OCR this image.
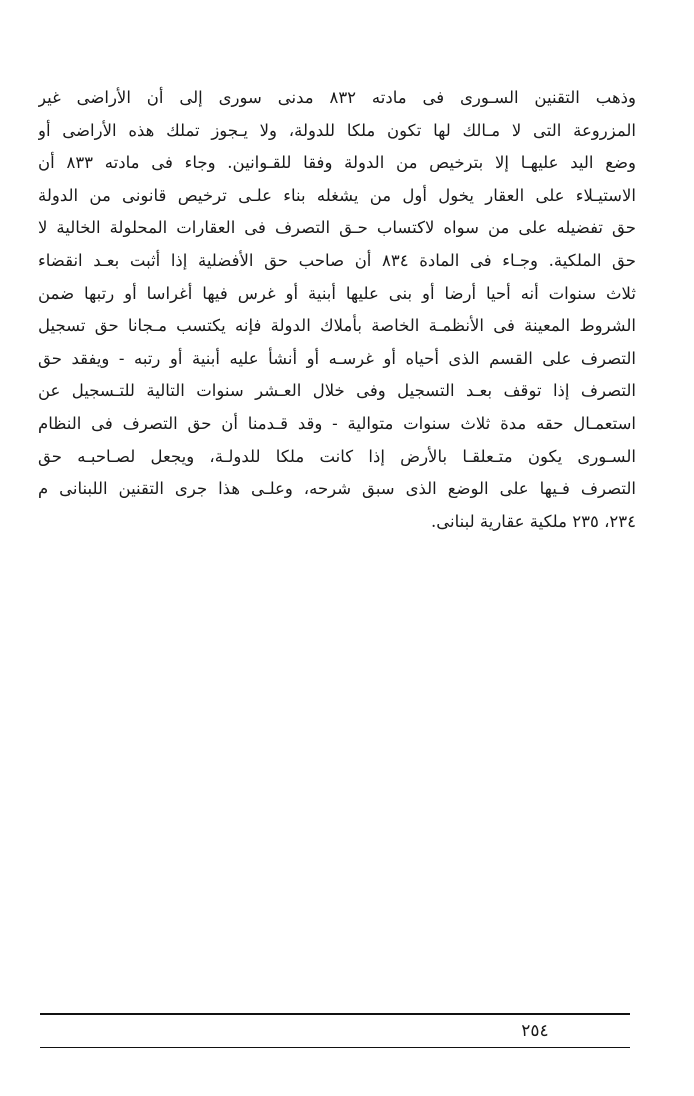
وذهب التقنين السـورى فى مادته ٨٣٢ مدنى سورى إلى أن الأراضى غير
المزروعة التى لا مـالك لها تكون ملكا للدولة، ولا يـجوز تملك هذه الأراضى أو
وضع اليد عليهـا إلا بترخيص من الدولة وفقا للقـوانين. وجاء فى مادته ٨٣٣ أن
الاستيـلاء على العقار يخول أول من يشغله بناء علـى ترخيص قانونى من الدولة
حق تفضيله على من سواه لاكتساب حـق التصرف فى العقارات المحلولة الخالية لا
حق الملكية. وجـاء فى المادة ٨٣٤ أن صاحب حق الأفضلية إذا أثبت بعـد انقضاء
ثلاث سنوات أنه أحيا أرضا أو بنى عليها أبنية أو غرس فيها أغراسا أو رتبها ضمن
الشروط المعينة فى الأنظمـة الخاصة بأملاك الدولة فإنه يكتسب مـجانا حق تسجيل
التصرف على القسم الذى أحياه أو غرسـه أو أنشأ عليه أبنية أو رتبه - ويفقد حق
التصرف إذا توقف بعـد التسجيل وفى خلال العـشر سنوات التالية للتـسجيل عن
استعمـال حقه مدة ثلاث سنوات متوالية - وقد قـدمنا أن حق التصرف فى النظام
السـورى يكون متـعلقـا بالأرض إذا كانت ملكا للدولـة، ويجعل لصـاحبـه حق
التصرف فـيها على الوضع الذى سبق شرحه، وعلـى هذا جرى التقنين اللبنانى م
٢٣٤، ٢٣٥ ملكية عقارية لبنانى.
٢٥٤
